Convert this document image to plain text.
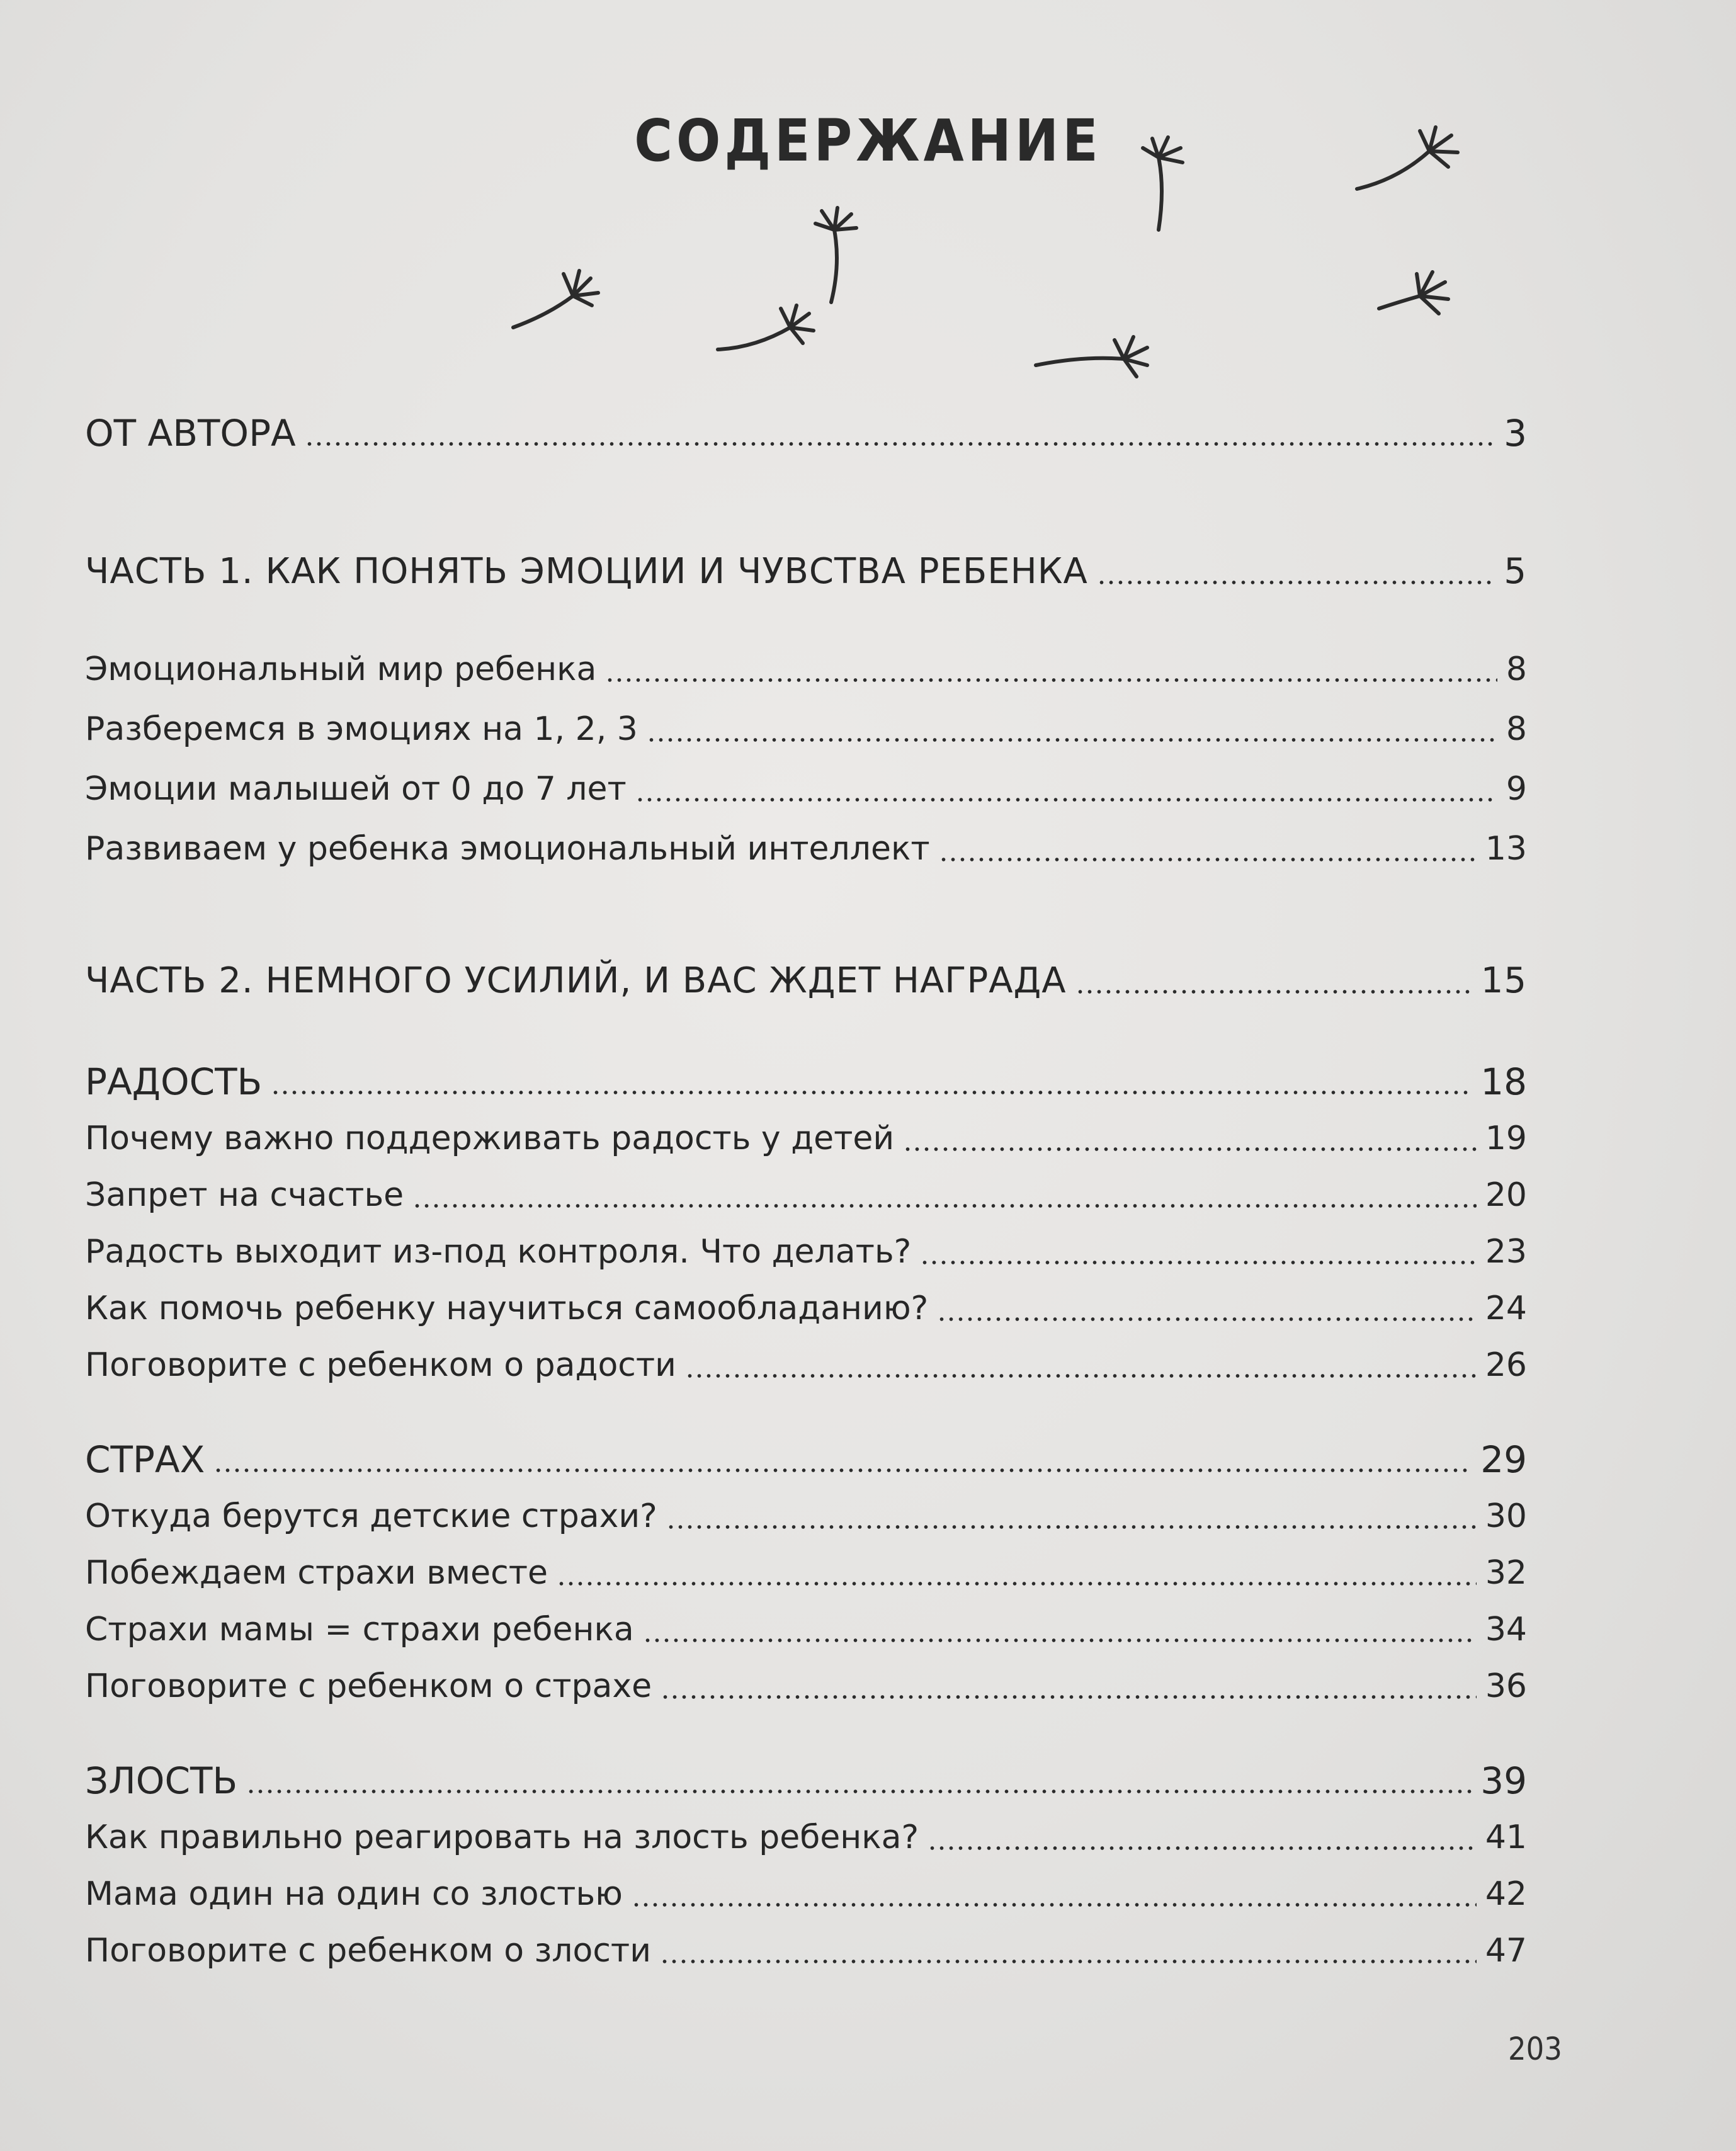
СОДЕРЖАНИЕ
ОТ АВТОРА	3
ЧАСТЬ 1. КАК ПОНЯТЬ ЭМОЦИИ И ЧУВСТВА РЕБЕНКА	5
Эмоциональный мир ребенка	8
Разберемся в эмоциях на 1, 2, 3	8
Эмоции малышей от 0 до 7 лет	9
Развиваем у ребенка эмоциональный интеллект	13
ЧАСТЬ 2. НЕМНОГО УСИЛИЙ, И ВАС ЖДЕТ НАГРАДА	15
РАДОСТЬ	18
Почему важно поддерживать радость у детей	19
Запрет на счастье	20
Радость выходит из-под контроля. Что делать?	23
Как помочь ребенку научиться самообладанию?	24
Поговорите с ребенком о радости	26
СТРАХ	29
Откуда берутся детские страхи?	30
Побеждаем страхи вместе	32
Страхи мамы = страхи ребенка	34
Поговорите с ребенком о страхе	36
ЗЛОСТЬ	39
Как правильно реагировать на злость ребенка?	41
Мама один на один со злостью	42
Поговорите с ребенком о злости	47
203
